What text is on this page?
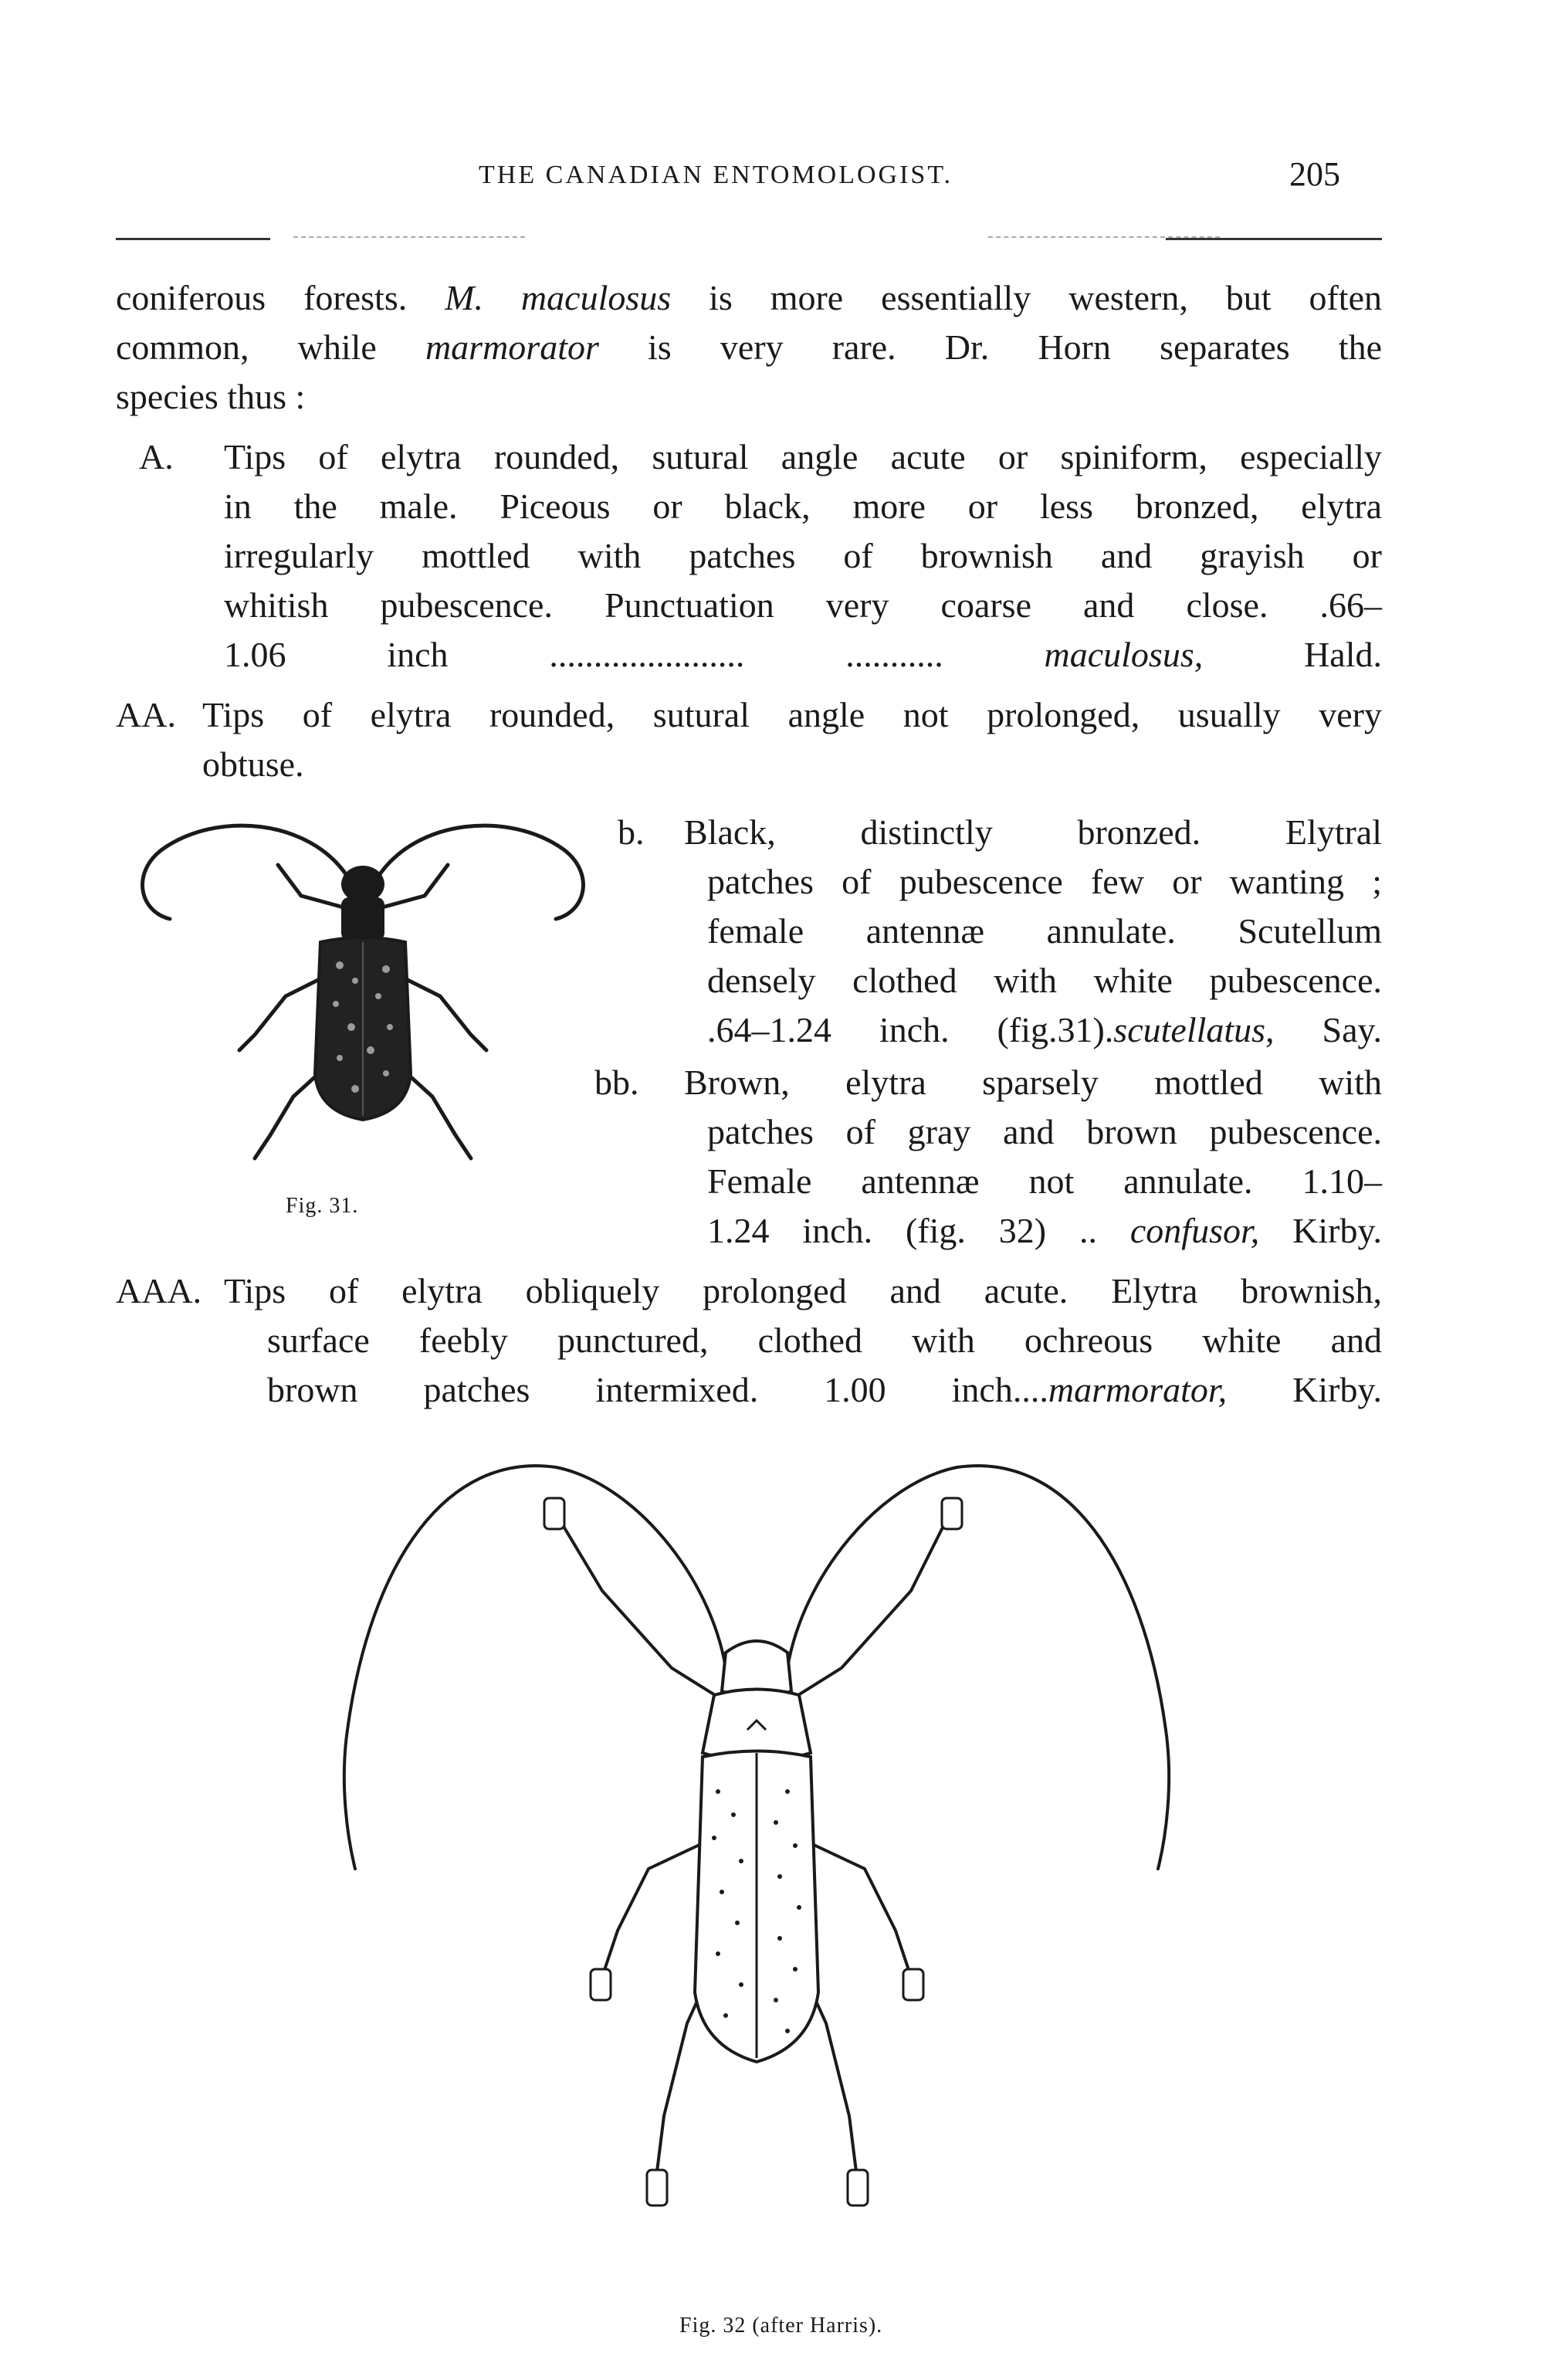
THE CANADIAN ENTOMOLOGIST.	205
coniferous forests. M. maculosus is more essentially western, but often
common, while marmorator is very rare. Dr. Horn separates the
species thus :
A. Tips of elytra rounded, sutural angle acute or spiniform, especially
in the male. Piceous or black, more or less bronzed, elytra
irregularly mottled with patches of brownish and grayish or
whitish pubescence. Punctuation very coarse and close. .66–
1.06 inch	...................... ...........	maculosus,	Hald.
AA. Tips of elytra rounded, sutural angle not prolonged, usually very
obtuse.
b. Black, distinctly bronzed. Elytral
patches of pubescence few or wanting ;
female antennæ annulate. Scutellum
densely clothed with white pubescence.
.64–1.24 inch. (fig.31).scutellatus, Say.
bb. Brown, elytra sparsely mottled with
patches of gray and brown pubescence.
Female antennæ not annulate. 1.10–
1.24 inch. (fig. 32) .. confusor, Kirby.
AAA. Tips of elytra obliquely prolonged and acute. Elytra brownish,
surface feebly punctured, clothed with ochreous white and
brown patches intermixed. 1.00 inch....marmorator, Kirby.
Fig. 31.
Fig. 32 (after Harris).
